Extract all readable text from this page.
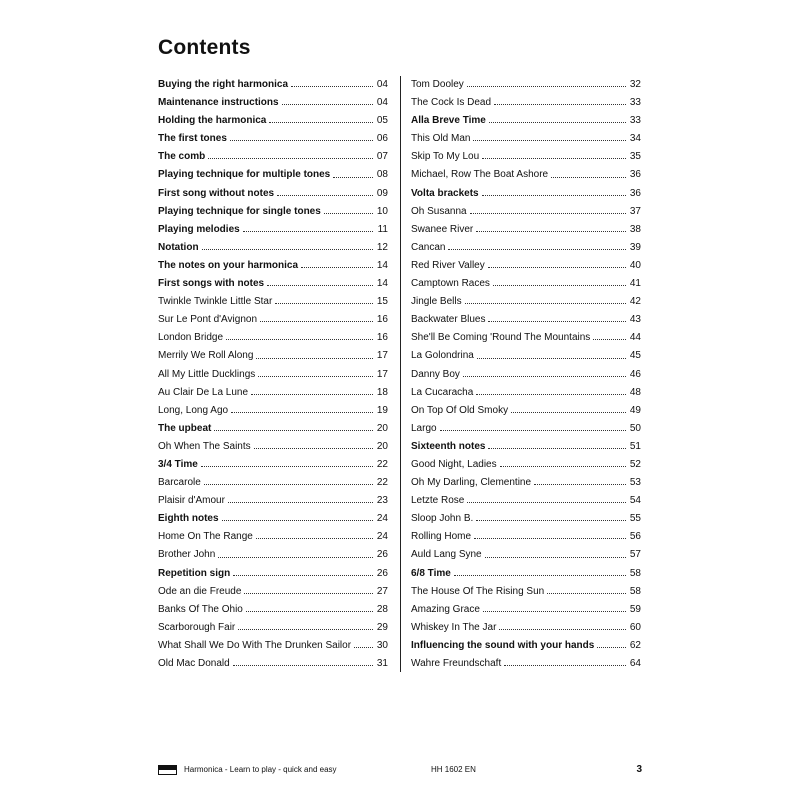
Contents
Buying the right harmonica	04
Maintenance instructions	04
Holding the harmonica	05
The first tones	06
The comb	07
Playing technique for multiple tones	08
First song without notes	09
Playing technique for single tones	10
Playing melodies	11
Notation	12
The notes on your harmonica	14
First songs with notes	14
Twinkle Twinkle Little Star	15
Sur Le Pont d'Avignon	16
London Bridge	16
Merrily We Roll Along	17
All My Little Ducklings	17
Au Clair De La Lune	18
Long, Long Ago	19
The upbeat	20
Oh When The Saints	20
3/4 Time	22
Barcarole	22
Plaisir d'Amour	23
Eighth notes	24
Home On The Range	24
Brother John	26
Repetition sign	26
Ode an die Freude	27
Banks Of The Ohio	28
Scarborough Fair	29
What Shall We Do With The Drunken Sailor	30
Old Mac Donald	31
Tom Dooley	32
The Cock Is Dead	33
Alla Breve Time	33
This Old Man	34
Skip To My Lou	35
Michael, Row The Boat Ashore	36
Volta brackets	36
Oh Susanna	37
Swanee River	38
Cancan	39
Red River Valley	40
Camptown Races	41
Jingle Bells	42
Backwater Blues	43
She'll Be Coming 'Round The Mountains	44
La Golondrina	45
Danny Boy	46
La Cucaracha	48
On Top Of Old Smoky	49
Largo	50
Sixteenth notes	51
Good Night, Ladies	52
Oh My Darling, Clementine	53
Letzte Rose	54
Sloop John B.	55
Rolling Home	56
Auld Lang Syne	57
6/8 Time	58
The House Of The Rising Sun	58
Amazing Grace	59
Whiskey In The Jar	60
Influencing the sound with your hands	62
Wahre Freundschaft	64
Harmonica - Learn to play - quick and easy	HH 1602 EN	3
